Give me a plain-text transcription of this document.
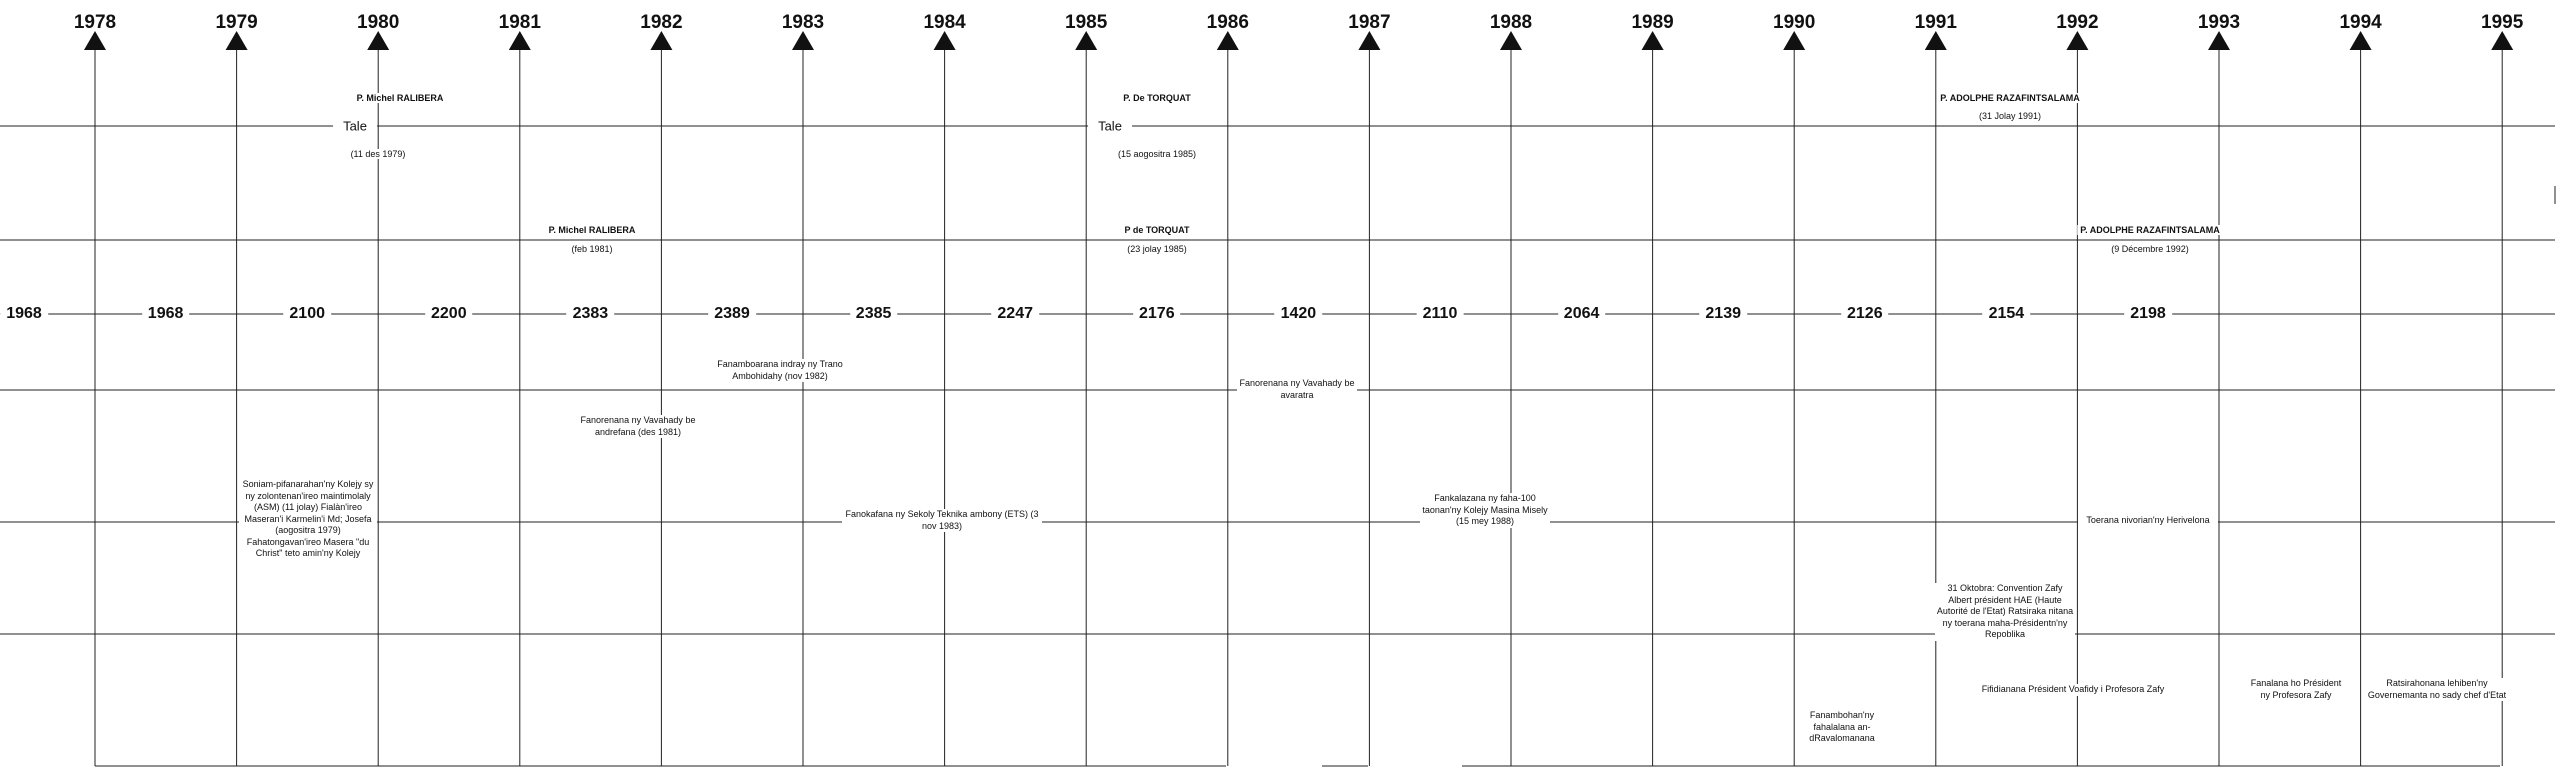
Tale
P. Michel RALIBERA
(11 des 1979)
Tale
P. De TORQUAT
(15 aogositra 1985)
P. ADOLPHE RAZAFINTSALAMA
(31 Jolay 1991)
P. Michel RALIBERA
(feb 1981)
P de TORQUAT
(23 jolay 1985)
P. ADOLPHE RAZAFINTSALAMA
(9 Décembre 1992)
Fanamboarana indray ny Trano Ambohidahy (nov 1982)
Fanorenana ny Vavahady be andrefana (des 1981)
Fanorenana ny Vavahady be avaratra
Soniam-pifanarahan'ny Kolejy sy ny zolontenan'ireo maintimolaly (ASM) (11 jolay) Fialàn'ireo Maseran'i Karmelin'i Md; Josefa (aogositra 1979) Fahatongavan'ireo Masera "du Christ" teto amin'ny Kolejy
Fanokafana ny Sekoly Teknika ambony (ETS) (3 nov 1983)
Fankalazana ny faha-100 taonan'ny Kolejy Masina Misely (15 mey 1988)	Toerana nivorian'ny Herivelona
31 Oktobra: Convention Zafy Albert président HAE (Haute Autorité de l'Etat) Ratsiraka nitana ny toerana maha-Présidentn'ny Repoblika
Fifidianana Président Voafidy i Profesora Zafy
Fanalana ho Président ny Profesora Zafy
Ratsirahonana lehiben'ny Governemanta no sady chef d'Etat
Fanambohan'ny fahalalana an-dRavalomanana
1978	1979	1980	1981	1982	1983	1984	1985	1986	1987	1988	1989	1990	1991	1992	1993	1994	1995
1968	1968	2100	2200	2383	2389	2385	2247	2176	1420	2110	2064	2139	2126	2154	2198
